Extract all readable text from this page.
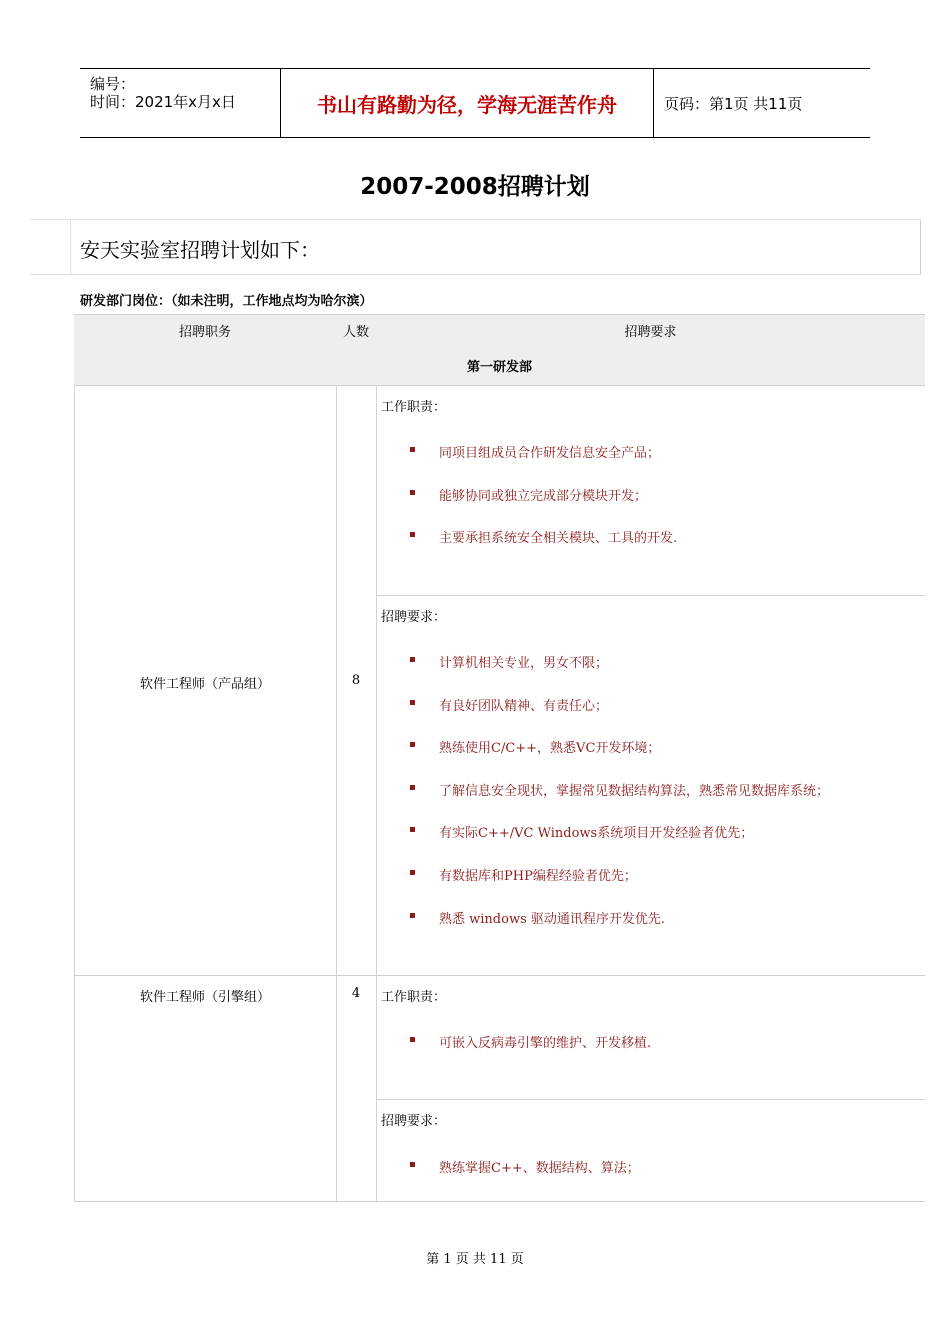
编号：
时间：2021年x月x日	书山有路勤为径，学海无涯苦作舟	页码：第1页 共11页
2007-2008招聘计划
安天实验室招聘计划如下：
研发部门岗位：（如未注明，工作地点均为哈尔滨）
招聘职务	人数	招聘要求
第一研发部
软件工程师（产品组）	8
工作职责：
同项目组成员合作研发信息安全产品；
能够协同或独立完成部分模块开发；
主要承担系统安全相关模块、工具的开发.
招聘要求：
计算机相关专业，男女不限；
有良好团队精神、有责任心；
熟练使用C/C++，熟悉VC开发环境；
了解信息安全现状，掌握常见数据结构算法，熟悉常见数据库系统；
有实际C++/VC Windows系统项目开发经验者优先；
有数据库和PHP编程经验者优先；
熟悉 windows 驱动通讯程序开发优先.
软件工程师（引擎组）	4	工作职责：
可嵌入反病毒引擎的维护、开发移植.
招聘要求：
熟练掌握C++、数据结构、算法；
第 1 页 共 11 页
